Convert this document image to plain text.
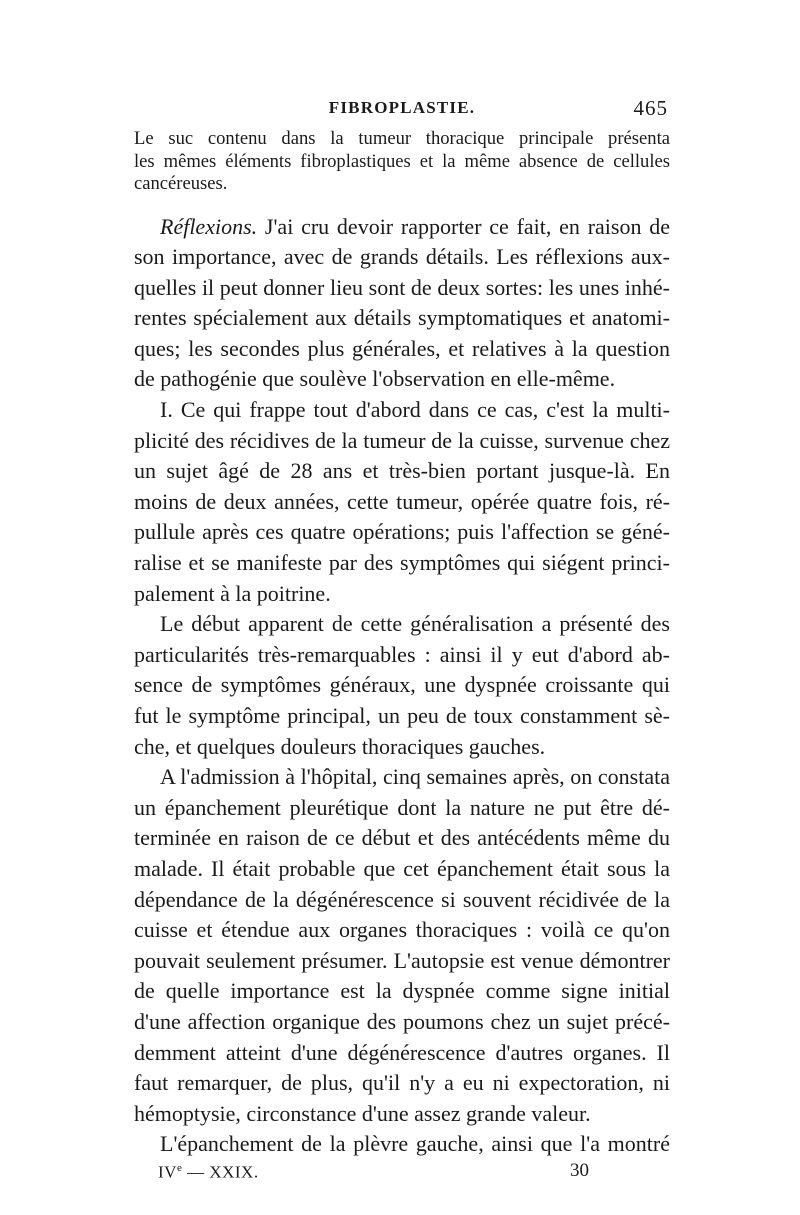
FIBROPLASTIE.	465
Le suc contenu dans la tumeur thoracique principale présenta
les mêmes éléments fibroplastiques et la même absence de cellules
cancéreuses.
Réflexions. J'ai cru devoir rapporter ce fait, en raison de
son importance, avec de grands détails. Les réflexions aux-
quelles il peut donner lieu sont de deux sortes: les unes inhé-
rentes spécialement aux détails symptomatiques et anatomi-
ques; les secondes plus générales, et relatives à la question
de pathogénie que soulève l'observation en elle-même.
I. Ce qui frappe tout d'abord dans ce cas, c'est la multi-
plicité des récidives de la tumeur de la cuisse, survenue chez
un sujet âgé de 28 ans et très-bien portant jusque-là. En
moins de deux années, cette tumeur, opérée quatre fois, ré-
pullule après ces quatre opérations; puis l'affection se géné-
ralise et se manifeste par des symptômes qui siégent princi-
palement à la poitrine.
Le début apparent de cette généralisation a présenté des
particularités très-remarquables : ainsi il y eut d'abord ab-
sence de symptômes généraux, une dyspnée croissante qui
fut le symptôme principal, un peu de toux constamment sè-
che, et quelques douleurs thoraciques gauches.
A l'admission à l'hôpital, cinq semaines après, on constata
un épanchement pleurétique dont la nature ne put être dé-
terminée en raison de ce début et des antécédents même du
malade. Il était probable que cet épanchement était sous la
dépendance de la dégénérescence si souvent récidivée de la
cuisse et étendue aux organes thoraciques : voilà ce qu'on
pouvait seulement présumer. L'autopsie est venue démontrer
de quelle importance est la dyspnée comme signe initial
d'une affection organique des poumons chez un sujet précé-
demment atteint d'une dégénérescence d'autres organes. Il
faut remarquer, de plus, qu'il n'y a eu ni expectoration, ni
hémoptysie, circonstance d'une assez grande valeur.
L'épanchement de la plèvre gauche, ainsi que l'a montré
IVe — XXIX.	30
